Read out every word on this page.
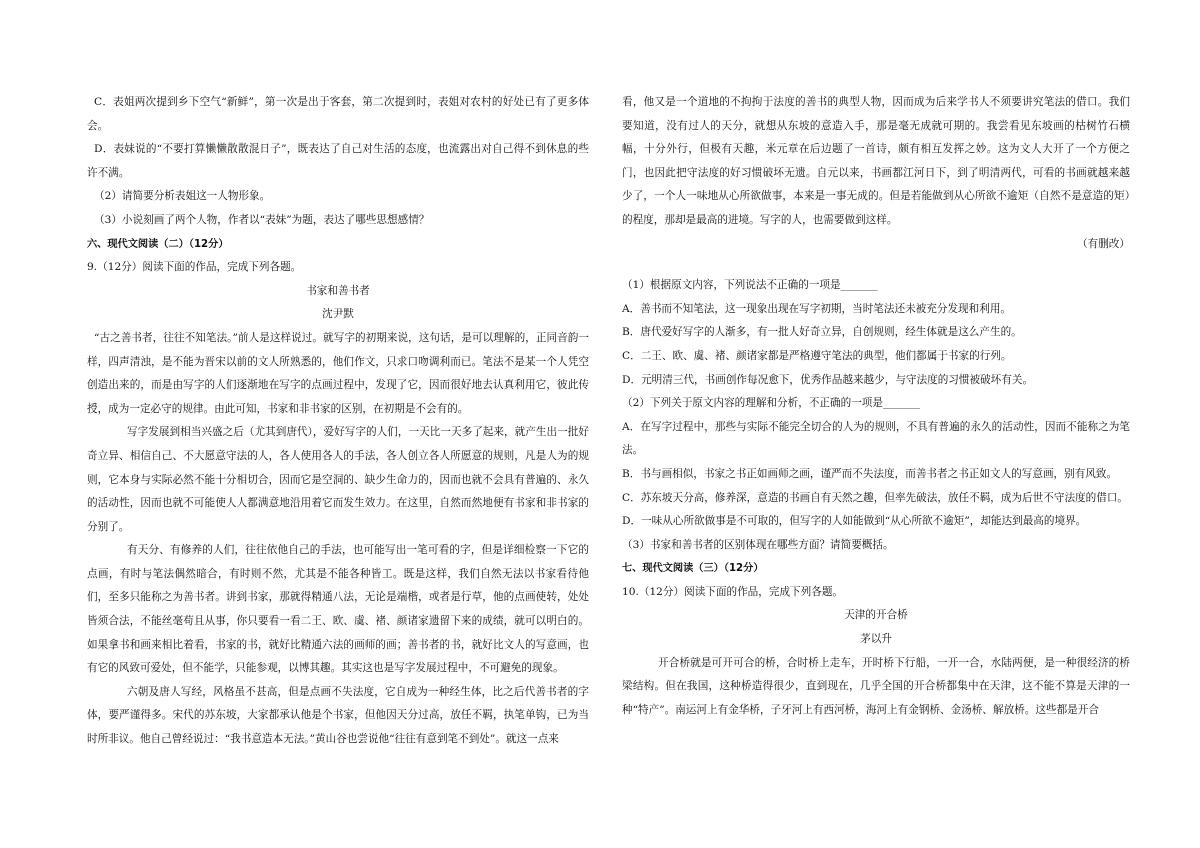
C．表姐两次提到乡下空气“新鲜”，第一次是出于客套，第二次提到时，表姐对农村的好处已有了更多体会。

D．表妹说的“不要打算懒懒散散混日子”，既表达了自己对生活的态度，也流露出对自己得不到休息的些许不满。

（2）请简要分析表姐这一人物形象。

（3）小说刻画了两个人物，作者以“表妹”为题，表达了哪些思想感情？

六、现代文阅读（二）（12分）

9.（12分）阅读下面的作品，完成下列各题。

书家和善书者

沈尹默

“古之善书者，往往不知笔法。”前人是这样说过。就写字的初期来说，这句话，是可以理解的，正同音韵一样，四声清浊，是不能为晋宋以前的文人所熟悉的，他们作文，只求口吻调利而已。笔法不是某一个人凭空创造出来的，而是由写字的人们逐渐地在写字的点画过程中，发现了它，因而很好地去认真利用它，彼此传授，成为一定必守的规律。由此可知，书家和非书家的区别，在初期是不会有的。

写字发展到相当兴盛之后（尤其到唐代），爱好写字的人们，一天比一天多了起来，就产生出一批好奇立异、相信自己、不大愿意守法的人，各人使用各人的手法，各人创立各人所愿意的规则，凡是人为的规则，它本身与实际必然不能十分相切合，因而它是空洞的、缺少生命力的，因而也就不会具有普遍的、永久的活动性，因而也就不可能使人人都满意地沿用着它而发生效力。在这里，自然而然地便有书家和非书家的分别了。

有天分、有修养的人们，往往依他自己的手法，也可能写出一笔可看的字，但是详细检察一下它的点画，有时与笔法偶然暗合，有时则不然，尤其是不能各种皆工。既是这样，我们自然无法以书家看待他们，至多只能称之为善书者。讲到书家，那就得精通八法，无论是端楷，或者是行草，他的点画使转，处处皆须合法，不能丝毫苟且从事，你只要看一看二王、欧、虞、褚、颜诸家遗留下来的成绩，就可以明白的。如果拿书和画来相比着看，书家的书，就好比精通六法的画师的画；善书者的书，就好比文人的写意画，也有它的风致可爱处，但不能学，只能参观，以博其趣。其实这也是写字发展过程中，不可避免的现象。

六朝及唐人写经，风格虽不甚高，但是点画不失法度，它自成为一种经生体，比之后代善书者的字体，要严谨得多。宋代的苏东坡，大家都承认他是个书家，但他因天分过高，放任不羁，执笔单钩，已为当时所非议。他自己曾经说过：“我书意造本无法。”黄山谷也尝说他“往往有意到笔不到处”。就这一点来

看，他又是一个道地的不拘拘于法度的善书的典型人物，因而成为后来学书人不须要讲究笔法的借口。我们要知道，没有过人的天分，就想从东坡的意造入手，那是毫无成就可期的。我尝看见东坡画的枯树竹石横幅，十分外行，但极有天趣，米元章在后边题了一首诗，颇有相互发挥之妙。这为文人大开了一个方便之门，也因此把守法度的好习惯破坏无遗。自元以来，书画都江河日下，到了明清两代，可看的书画就越来越少了，一个人一味地从心所欲做事，本来是一事无成的。但是若能做到从心所欲不逾矩（自然不是意造的矩）的程度，那却是最高的进境。写字的人，也需要做到这样。

（有删改）

（1）根据原文内容，下列说法不正确的一项是_______

A．善书而不知笔法，这一现象出现在写字初期，当时笔法还未被充分发现和利用。

B．唐代爱好写字的人渐多，有一批人好奇立异，自创规则，经生体就是这么产生的。

C．二王、欧、虞、褚、颜诸家都是严格遵守笔法的典型，他们都属于书家的行列。

D．元明清三代，书画创作每况愈下，优秀作品越来越少，与守法度的习惯被破坏有关。

（2）下列关于原文内容的理解和分析，不正确的一项是_______

A．在写字过程中，那些与实际不能完全切合的人为的规则，不具有普遍的永久的活动性，因而不能称之为笔法。

B．书与画相似，书家之书正如画师之画，谨严而不失法度，而善书者之书正如文人的写意画，别有风致。

C．苏东坡天分高，修养深，意造的书画自有天然之趣，但率先破法，放任不羁，成为后世不守法度的借口。

D．一味从心所欲做事是不可取的，但写字的人如能做到“从心所欲不逾矩”，却能达到最高的境界。

（3）书家和善书者的区别体现在哪些方面？请简要概括。

七、现代文阅读（三）（12分）

10.（12分）阅读下面的作品，完成下列各题。

天津的开合桥

茅以升

开合桥就是可开可合的桥，合时桥上走车，开时桥下行船，一开一合，水陆两便，是一种很经济的桥梁结构。但在我国，这种桥造得很少，直到现在，几乎全国的开合桥都集中在天津，这不能不算是天津的一种“特产”。南运河上有金华桥，子牙河上有西河桥，海河上有金钢桥、金汤桥、解放桥。这些都是开合
